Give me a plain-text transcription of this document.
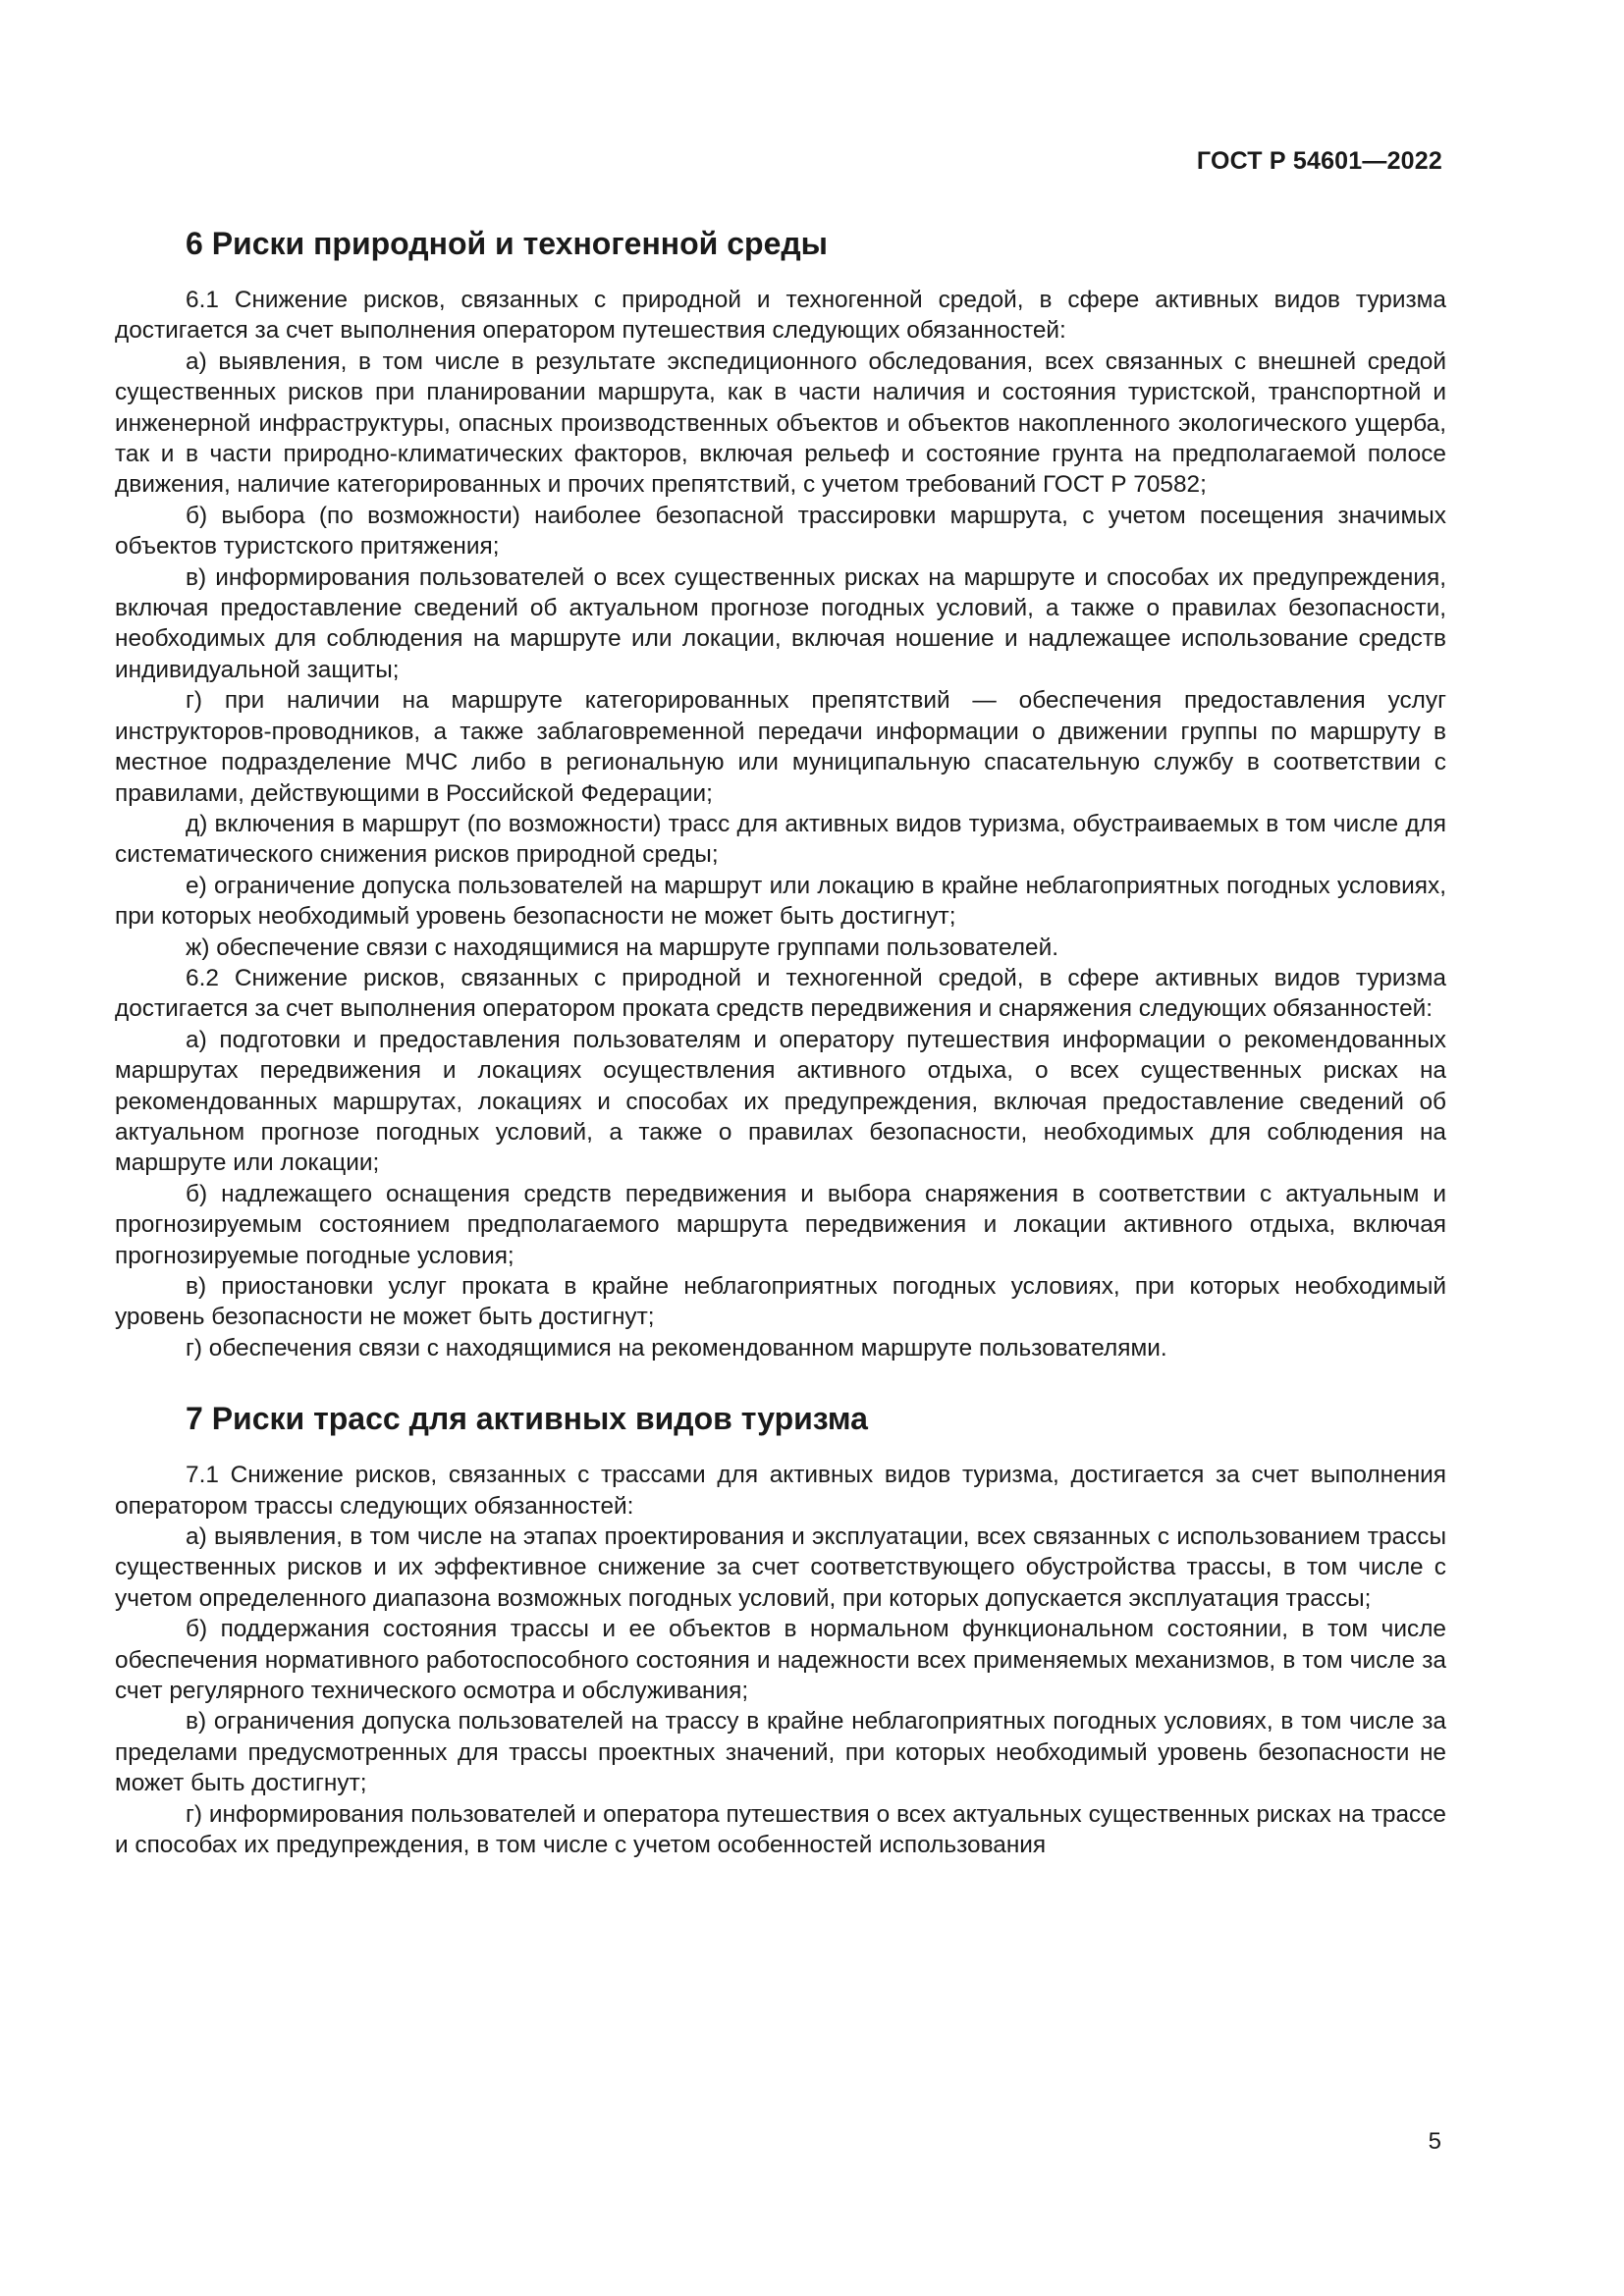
ГОСТ Р 54601—2022
6 Риски природной и техногенной среды

6.1 Снижение рисков, связанных с природной и техногенной средой, в сфере активных видов туризма достигается за счет выполнения оператором путешествия следующих обязанностей:

а) выявления, в том числе в результате экспедиционного обследования, всех связанных с внешней средой существенных рисков при планировании маршрута, как в части наличия и состояния туристской, транспортной и инженерной инфраструктуры, опасных производственных объектов и объектов накопленного экологического ущерба, так и в части природно-климатических факторов, включая рельеф и состояние грунта на предполагаемой полосе движения, наличие категорированных и прочих препятствий, с учетом требований ГОСТ Р 70582;

б) выбора (по возможности) наиболее безопасной трассировки маршрута, с учетом посещения значимых объектов туристского притяжения;

в) информирования пользователей о всех существенных рисках на маршруте и способах их предупреждения, включая предоставление сведений об актуальном прогнозе погодных условий, а также о правилах безопасности, необходимых для соблюдения на маршруте или локации, включая ношение и надлежащее использование средств индивидуальной защиты;

г) при наличии на маршруте категорированных препятствий — обеспечения предоставления услуг инструкторов-проводников, а также заблаговременной передачи информации о движении группы по маршруту в местное подразделение МЧС либо в региональную или муниципальную спасательную службу в соответствии с правилами, действующими в Российской Федерации;

д) включения в маршрут (по возможности) трасс для активных видов туризма, обустраиваемых в том числе для систематического снижения рисков природной среды;

е) ограничение допуска пользователей на маршрут или локацию в крайне неблагоприятных погодных условиях, при которых необходимый уровень безопасности не может быть достигнут;

ж) обеспечение связи с находящимися на маршруте группами пользователей.

6.2 Снижение рисков, связанных с природной и техногенной средой, в сфере активных видов туризма достигается за счет выполнения оператором проката средств передвижения и снаряжения следующих обязанностей:

а) подготовки и предоставления пользователям и оператору путешествия информации о рекомендованных маршрутах передвижения и локациях осуществления активного отдыха, о всех существенных рисках на рекомендованных маршрутах, локациях и способах их предупреждения, включая предоставление сведений об актуальном прогнозе погодных условий, а также о правилах безопасности, необходимых для соблюдения на маршруте или локации;

б) надлежащего оснащения средств передвижения и выбора снаряжения в соответствии с актуальным и прогнозируемым состоянием предполагаемого маршрута передвижения и локации активного отдыха, включая прогнозируемые погодные условия;

в) приостановки услуг проката в крайне неблагоприятных погодных условиях, при которых необходимый уровень безопасности не может быть достигнут;

г) обеспечения связи с находящимися на рекомендованном маршруте пользователями.

7 Риски трасс для активных видов туризма

7.1 Снижение рисков, связанных с трассами для активных видов туризма, достигается за счет выполнения оператором трассы следующих обязанностей:

а) выявления, в том числе на этапах проектирования и эксплуатации, всех связанных с использованием трассы существенных рисков и их эффективное снижение за счет соответствующего обустройства трассы, в том числе с учетом определенного диапазона возможных погодных условий, при которых допускается эксплуатация трассы;

б) поддержания состояния трассы и ее объектов в нормальном функциональном состоянии, в том числе обеспечения нормативного работоспособного состояния и надежности всех применяемых механизмов, в том числе за счет регулярного технического осмотра и обслуживания;

в) ограничения допуска пользователей на трассу в крайне неблагоприятных погодных условиях, в том числе за пределами предусмотренных для трассы проектных значений, при которых необходимый уровень безопасности не может быть достигнут;

г) информирования пользователей и оператора путешествия о всех актуальных существенных рисках на трассе и способах их предупреждения, в том числе с учетом особенностей использования

5
